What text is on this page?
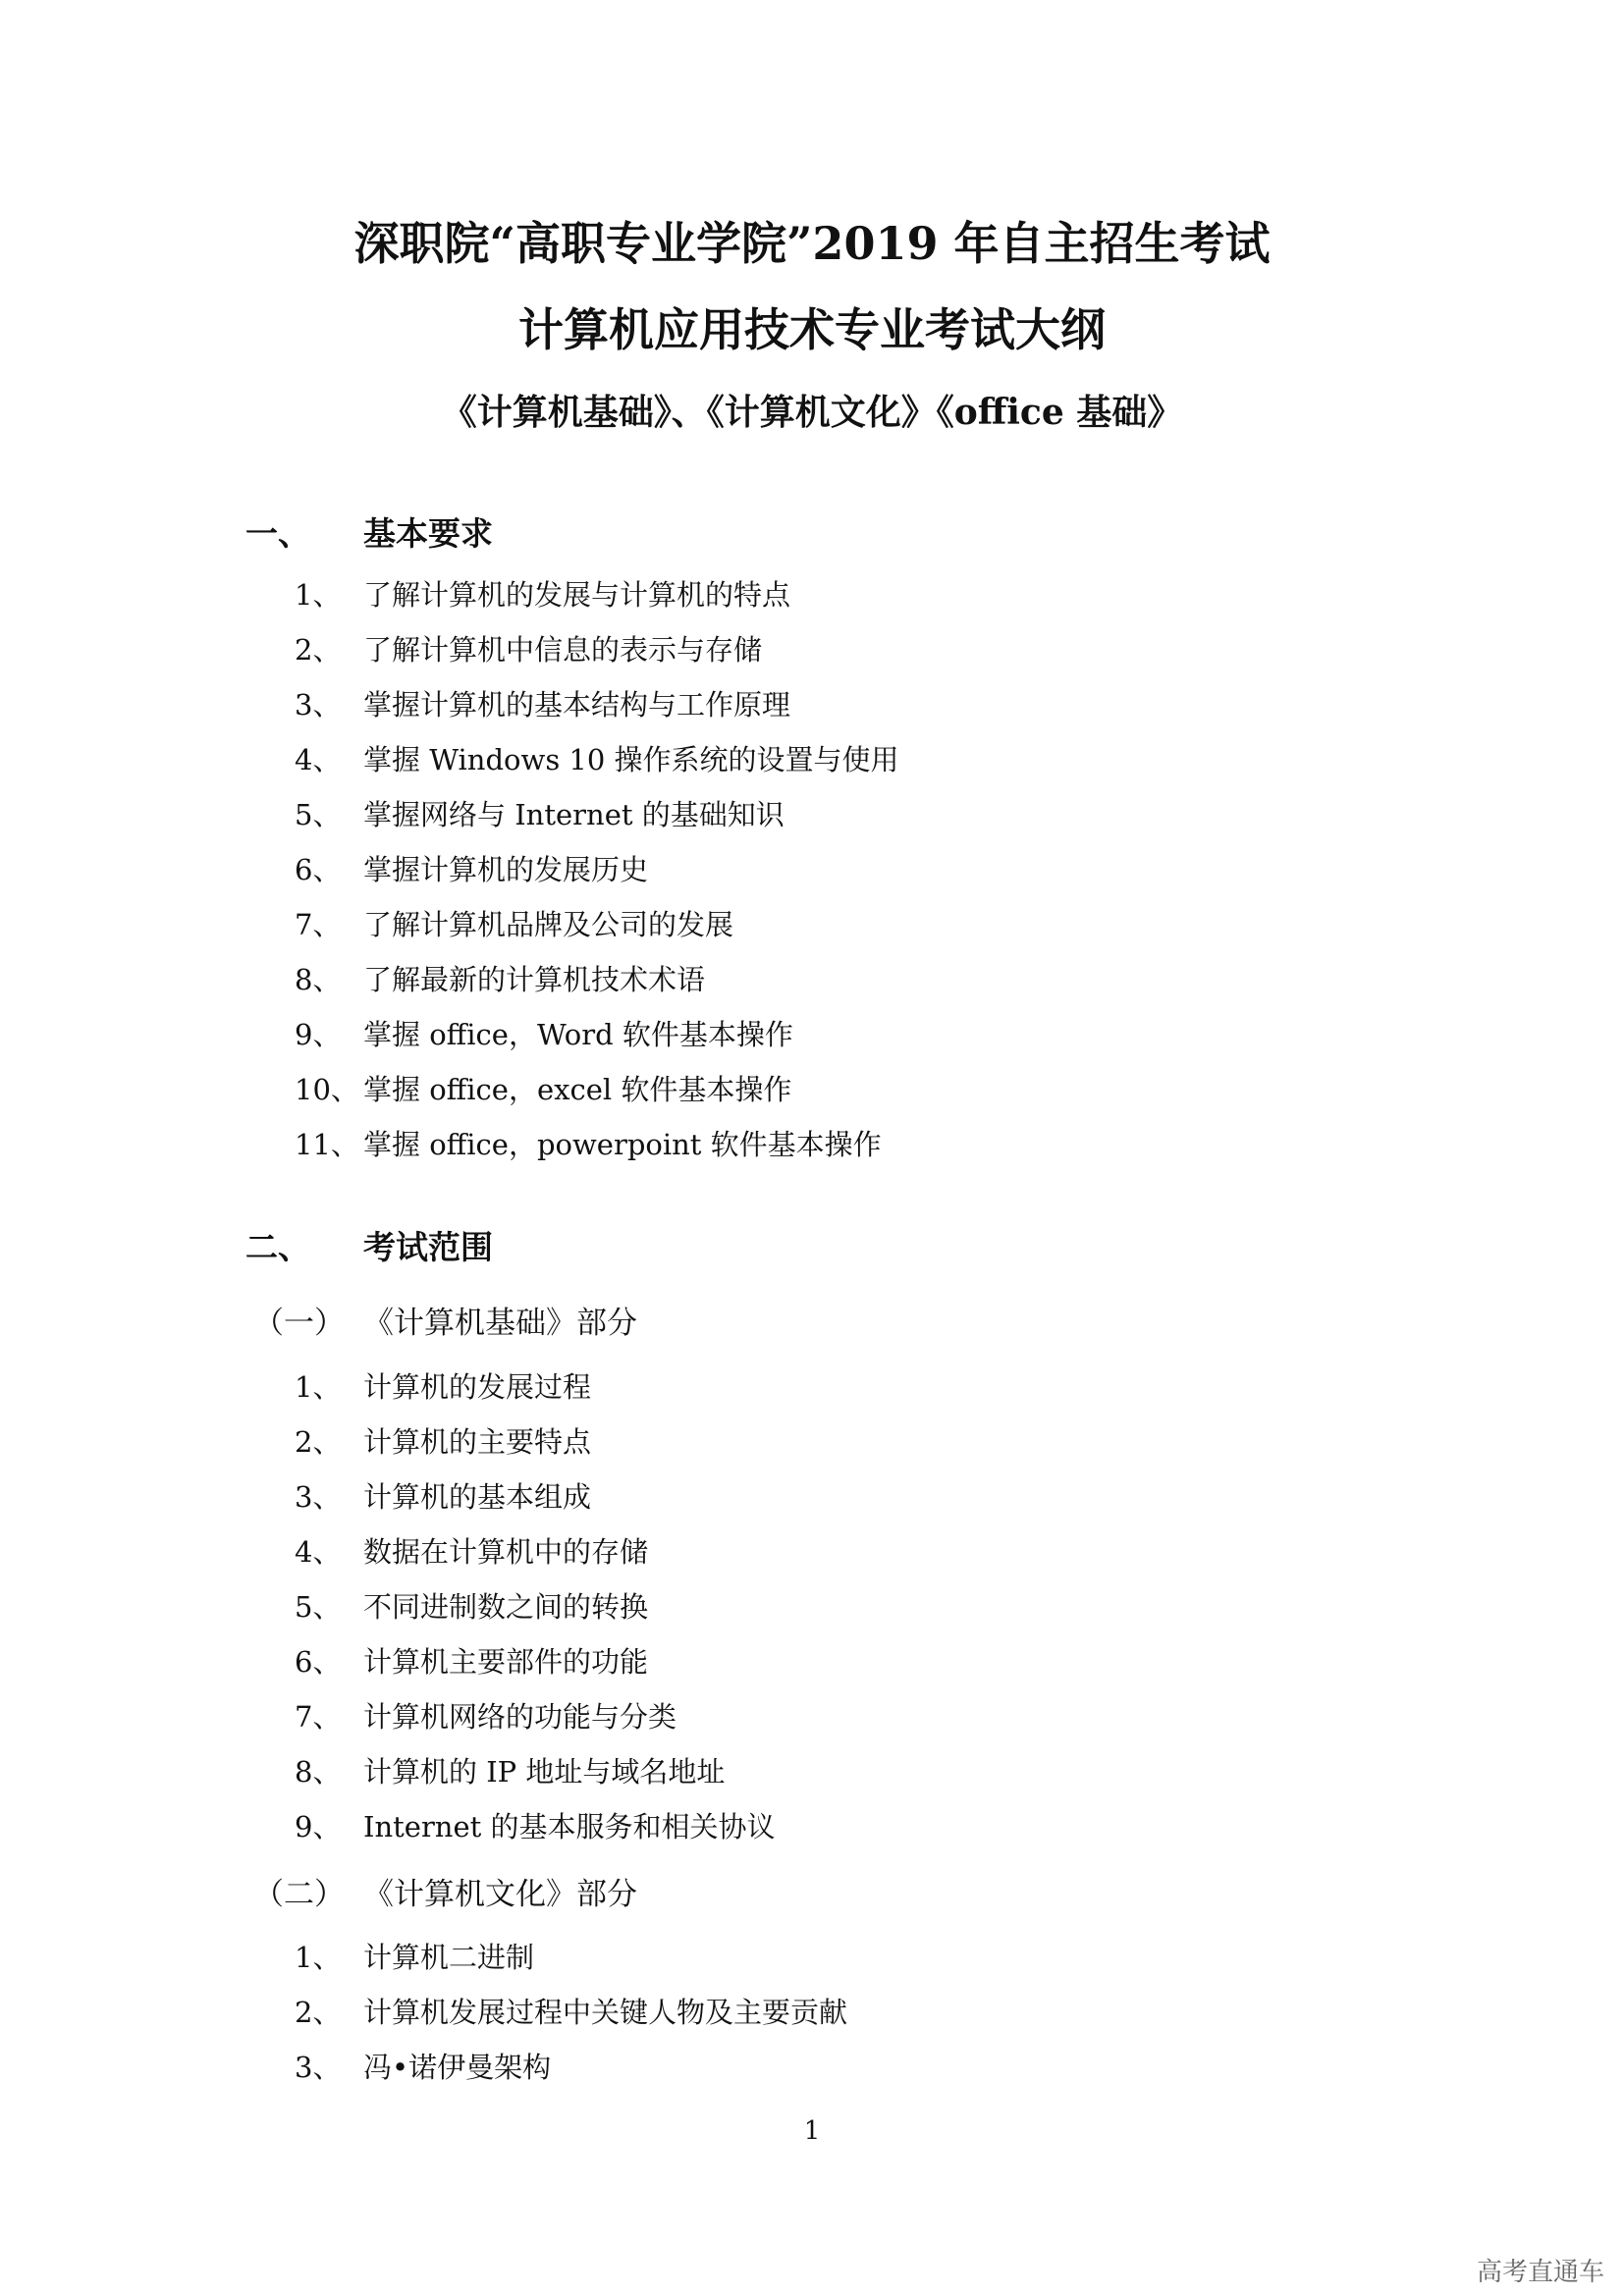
深职院“高职专业学院”2019 年自主招生考试
计算机应用技术专业考试大纲
《计算机基础》、《计算机文化》《office 基础》
一、 基本要求
1、 了解计算机的发展与计算机的特点
2、 了解计算机中信息的表示与存储
3、 掌握计算机的基本结构与工作原理
4、 掌握 Windows 10 操作系统的设置与使用
5、 掌握网络与 Internet 的基础知识
6、 掌握计算机的发展历史
7、 了解计算机品牌及公司的发展
8、 了解最新的计算机技术术语
9、 掌握 office，Word 软件基本操作
10、 掌握 office，excel 软件基本操作
11、 掌握 office，powerpoint 软件基本操作
二、 考试范围
（一） 《计算机基础》部分
1、 计算机的发展过程
2、 计算机的主要特点
3、 计算机的基本组成
4、 数据在计算机中的存储
5、 不同进制数之间的转换
6、 计算机主要部件的功能
7、 计算机网络的功能与分类
8、 计算机的 IP 地址与域名地址
9、 Internet 的基本服务和相关协议
（二） 《计算机文化》部分
1、 计算机二进制
2、 计算机发展过程中关键人物及主要贡献
3、 冯•诺伊曼架构
1
高考直通车
